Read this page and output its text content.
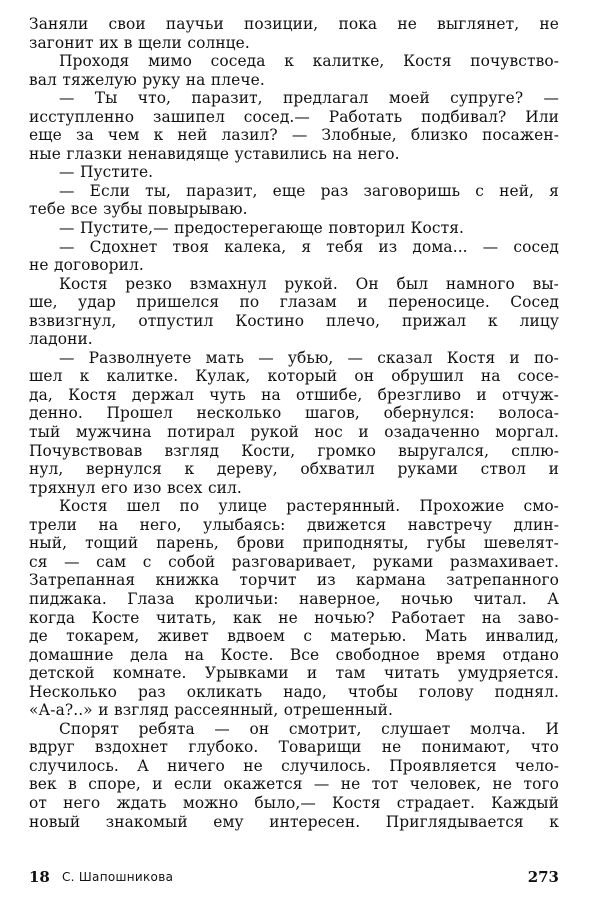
Заняли свои паучьи позиции, пока не выглянет, не

загонит их в щели солнце.

Проходя мимо соседа к калитке, Костя почувство-

вал тяжелую руку на плече.

— Ты что, паразит, предлагал моей супруге? —

исступленно зашипел сосед.— Работать подбивал? Или

еще за чем к ней лазил? — Злобные, близко посажен-

ные глазки ненавидяще уставились на него.

— Пустите.

— Если ты, паразит, еще раз заговоришь с ней, я

тебе все зубы повырываю.

— Пустите,— предостерегающе повторил Костя.

— Сдохнет твоя калека, я тебя из дома... — сосед

не договорил.

Костя резко взмахнул рукой. Он был намного вы-

ше, удар пришелся по глазам и переносице. Сосед

взвизгнул, отпустил Костино плечо, прижал к лицу

ладони.

— Разволнуете мать — убью, — сказал Костя и по-

шел к калитке. Кулак, который он обрушил на сосе-

да, Костя держал чуть на отшибе, брезгливо и отчуж-

денно. Прошел несколько шагов, обернулся: волоса-

тый мужчина потирал рукой нос и озадаченно моргал.

Почувствовав взгляд Кости, громко выругался, сплю-

нул, вернулся к дереву, обхватил руками ствол и

тряхнул его изо всех сил.

Костя шел по улице растерянный. Прохожие смо-

трели на него, улыбаясь: движется навстречу длин-

ный, тощий парень, брови приподняты, губы шевелят-

ся — сам с собой разговаривает, руками размахивает.

Затрепанная книжка торчит из кармана затрепанного

пиджака. Глаза кроличьи: наверное, ночью читал. А

когда Косте читать, как не ночью? Работает на заво-

де токарем, живет вдвоем с матерью. Мать инвалид,

домашние дела на Косте. Все свободное время отдано

детской комнате. Урывками и там читать умудряется.

Несколько раз окликать надо, чтобы голову поднял.

«А-а?..» и взгляд рассеянный, отрешенный.

Спорят ребята — он смотрит, слушает молча. И

вдруг вздохнет глубоко. Товарищи не понимают, что

случилось. А ничего не случилось. Проявляется чело-

век в споре, и если окажется — не тот человек, не того

от него ждать можно было,— Костя страдает. Каждый

новый знакомый ему интересен. Приглядывается к

18 С. Шапошникова	273
